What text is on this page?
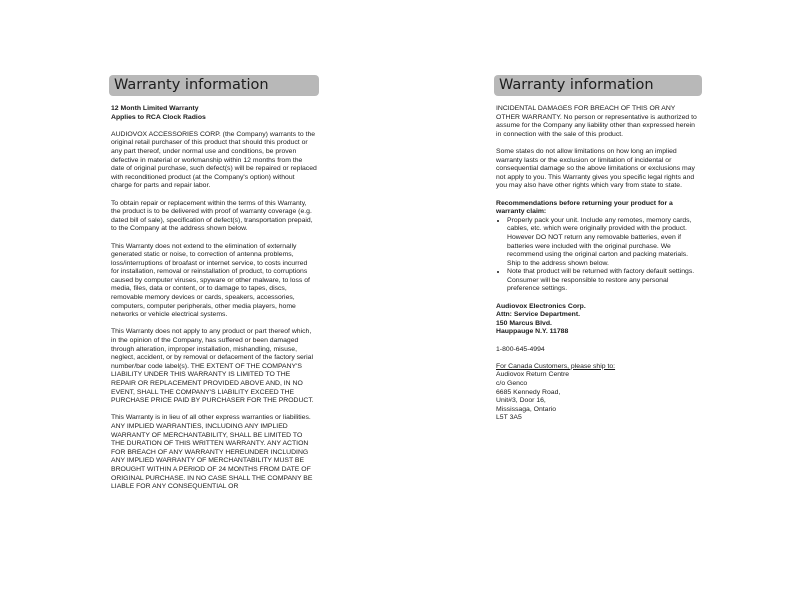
Warranty information

12 Month Limited Warranty
Applies to RCA Clock Radios

AUDIOVOX ACCESSORIES CORP. (the Company) warrants to the original retail purchaser of this product that should this product or any part thereof, under normal use and conditions, be proven defective in material or workmanship within 12 months from the date of original purchase, such defect(s) will be repaired or replaced with reconditioned product (at the Company's option) without charge for parts and repair labor.

To obtain repair or replacement within the terms of this Warranty, the product is to be delivered with proof of warranty coverage (e.g. dated bill of sale), specification of defect(s), transportation prepaid, to the Company at the address shown below.

This Warranty does not extend to the elimination of externally generated static or noise, to correction of antenna problems, loss/interruptions of broafast or internet service, to costs incurred for installation, removal or reinstallation of product, to corruptions caused by computer viruses, spyware or other malware, to loss of media, files, data or content, or to damage to tapes, discs, removable memory devices or cards, speakers, accessories, computers, computer peripherals, other media players, home networks or vehicle electrical systems.

This Warranty does not apply to any product or part thereof which, in the opinion of the Company, has suffered or been damaged through alteration, improper installation, mishandling, misuse, neglect, accident, or by removal or defacement of the factory serial number/bar code label(s). THE EXTENT OF THE COMPANY'S LIABILITY UNDER THIS WARRANTY IS LIMITED TO THE REPAIR OR REPLACEMENT PROVIDED ABOVE AND, IN NO EVENT, SHALL THE COMPANY'S LIABILITY EXCEED THE PURCHASE PRICE PAID BY PURCHASER FOR THE PRODUCT.

This Warranty is in lieu of all other express warranties or liabilities. ANY IMPLIED WARRANTIES, INCLUDING ANY IMPLIED WARRANTY OF MERCHANTABILITY, SHALL BE LIMITED TO THE DURATION OF THIS WRITTEN WARRANTY. ANY ACTION FOR BREACH OF ANY WARRANTY HEREUNDER INCLUDING ANY IMPLIED WARRANTY OF MERCHANTABILITY MUST BE BROUGHT WITHIN A PERIOD OF 24 MONTHS FROM DATE OF ORIGINAL PURCHASE. IN NO CASE SHALL THE COMPANY BE LIABLE FOR ANY CONSEQUENTIAL OR

Warranty information

INCIDENTAL DAMAGES FOR BREACH OF THIS OR ANY OTHER WARRANTY. No person or representative is authorized to assume for the Company any liability other than expressed herein in connection with the sale of this product.

Some states do not allow limitations on how long an implied warranty lasts or the exclusion or limitation of incidental or consequential damage so the above limitations or exclusions may not apply to you. This Warranty gives you specific legal rights and you may also have other rights which vary from state to state.

Recommendations before returning your product for a warranty claim:

• Properly pack your unit. Include any remotes, memory cards, cables, etc. which were originally provided with the product. However DO NOT return any removable batteries, even if batteries were included with the original purchase. We recommend using the original carton and packing materials. Ship to the address shown below.
• Note that product will be returned with factory default settings. Consumer will be responsible to restore any personal preference settings.

Audiovox Electronics Corp.
Attn: Service Department.
150 Marcus Blvd.
Hauppauge N.Y. 11788

1-800-645-4994

For Canada Customers, please ship to:
Audiovox Return Centre
c/o Genco
6685 Kennedy Road,
Unit#3, Door 16,
Mississaga, Ontario
L5T 3A5
